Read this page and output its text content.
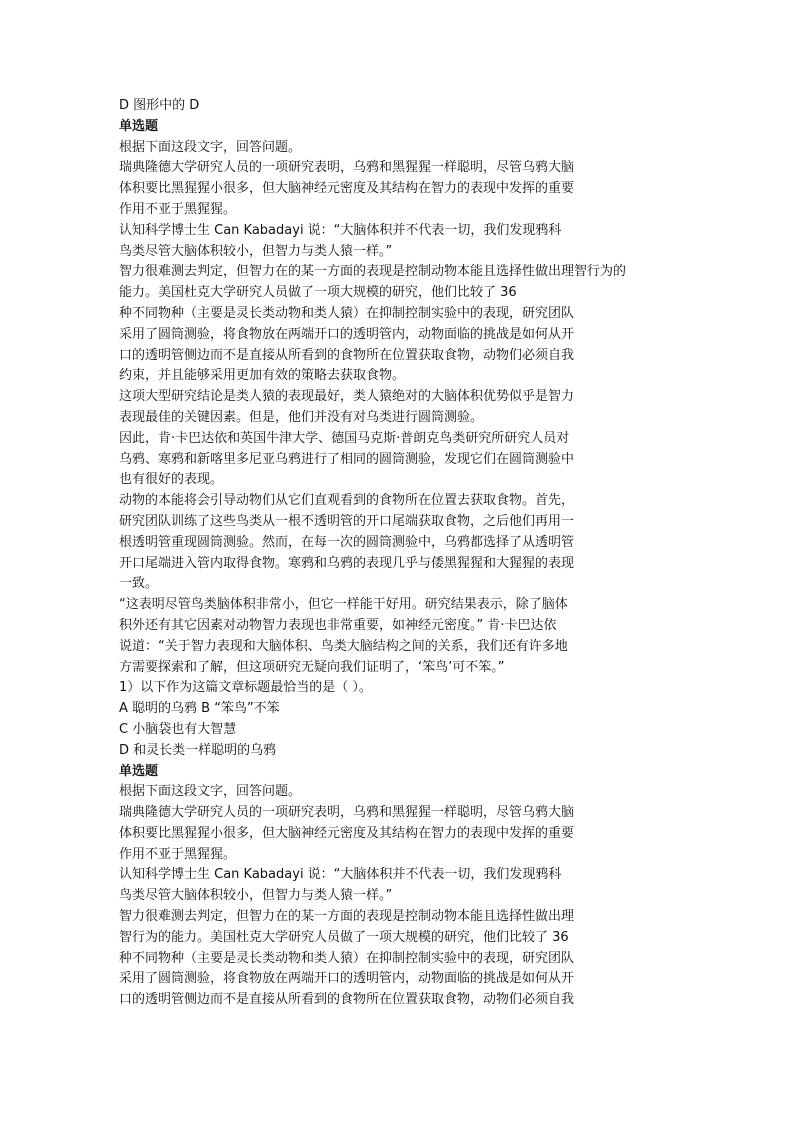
D 图形中的 D
单选题
根据下面这段文字，回答问题。
瑞典隆德大学研究人员的一项研究表明，乌鸦和黑猩猩一样聪明，尽管乌鸦大脑
体积要比黑猩猩小很多，但大脑神经元密度及其结构在智力的表现中发挥的重要
作用不亚于黑猩猩。
认知科学博士生 Can Kabadayi 说：“大脑体积并不代表一切，我们发现鸦科
鸟类尽管大脑体积较小，但智力与类人猿一样。”
智力很难测去判定，但智力在的某一方面的表现是控制动物本能且选择性做出理智行为的
能力。美国杜克大学研究人员做了一项大规模的研究，他们比较了 36
种不同物种（主要是灵长类动物和类人猿）在抑制控制实验中的表现，研究团队
采用了圆筒测验，将食物放在两端开口的透明管内，动物面临的挑战是如何从开
口的透明管侧边而不是直接从所看到的食物所在位置获取食物，动物们必须自我
约束，并且能够采用更加有效的策略去获取食物。
这项大型研究结论是类人猿的表现最好，类人猿绝对的大脑体积优势似乎是智力
表现最佳的关键因素。但是，他们并没有对乌类进行圆筒测验。
因此，肯·卡巴达依和英国牛津大学、德国马克斯·普朗克鸟类研究所研究人员对
乌鸦、寒鸦和新喀里多尼亚乌鸦进行了相同的圆筒测验，发现它们在圆筒测验中
也有很好的表现。
动物的本能将会引导动物们从它们直观看到的食物所在位置去获取食物。首先，
研究团队训练了这些鸟类从一根不透明管的开口尾端获取食物，之后他们再用一
根透明管重现圆筒测验。然而，在每一次的圆筒测验中，乌鸦都选择了从透明管
开口尾端进入管内取得食物。寒鸦和乌鸦的表现几乎与倭黑猩猩和大猩猩的表现
一致。
“这表明尽管鸟类脑体积非常小，但它一样能干好用。研究结果表示，除了脑体
积外还有其它因素对动物智力表现也非常重要，如神经元密度。” 肯·卡巴达依
说道：“关于智力表现和大脑体积、鸟类大脑结构之间的关系，我们还有许多地
方需要探索和了解，但这项研究无疑向我们证明了，‘笨鸟’可不笨。”
1）以下作为这篇文章标题最恰当的是（ ）。
A 聪明的乌鸦 B “笨鸟”不笨
C 小脑袋也有大智慧
D 和灵长类一样聪明的乌鸦
单选题
根据下面这段文字，回答问题。
瑞典隆德大学研究人员的一项研究表明，乌鸦和黑猩猩一样聪明，尽管乌鸦大脑
体积要比黑猩猩小很多，但大脑神经元密度及其结构在智力的表现中发挥的重要
作用不亚于黑猩猩。
认知科学博士生 Can Kabadayi 说：“大脑体积并不代表一切，我们发现鸦科
鸟类尽管大脑体积较小，但智力与类人猿一样。”
智力很难测去判定，但智力在的某一方面的表现是控制动物本能且选择性做出理
智行为的能力。美国杜克大学研究人员做了一项大规模的研究，他们比较了 36
种不同物种（主要是灵长类动物和类人猿）在抑制控制实验中的表现，研究团队
采用了圆筒测验，将食物放在两端开口的透明管内，动物面临的挑战是如何从开
口的透明管侧边而不是直接从所看到的食物所在位置获取食物，动物们必须自我
